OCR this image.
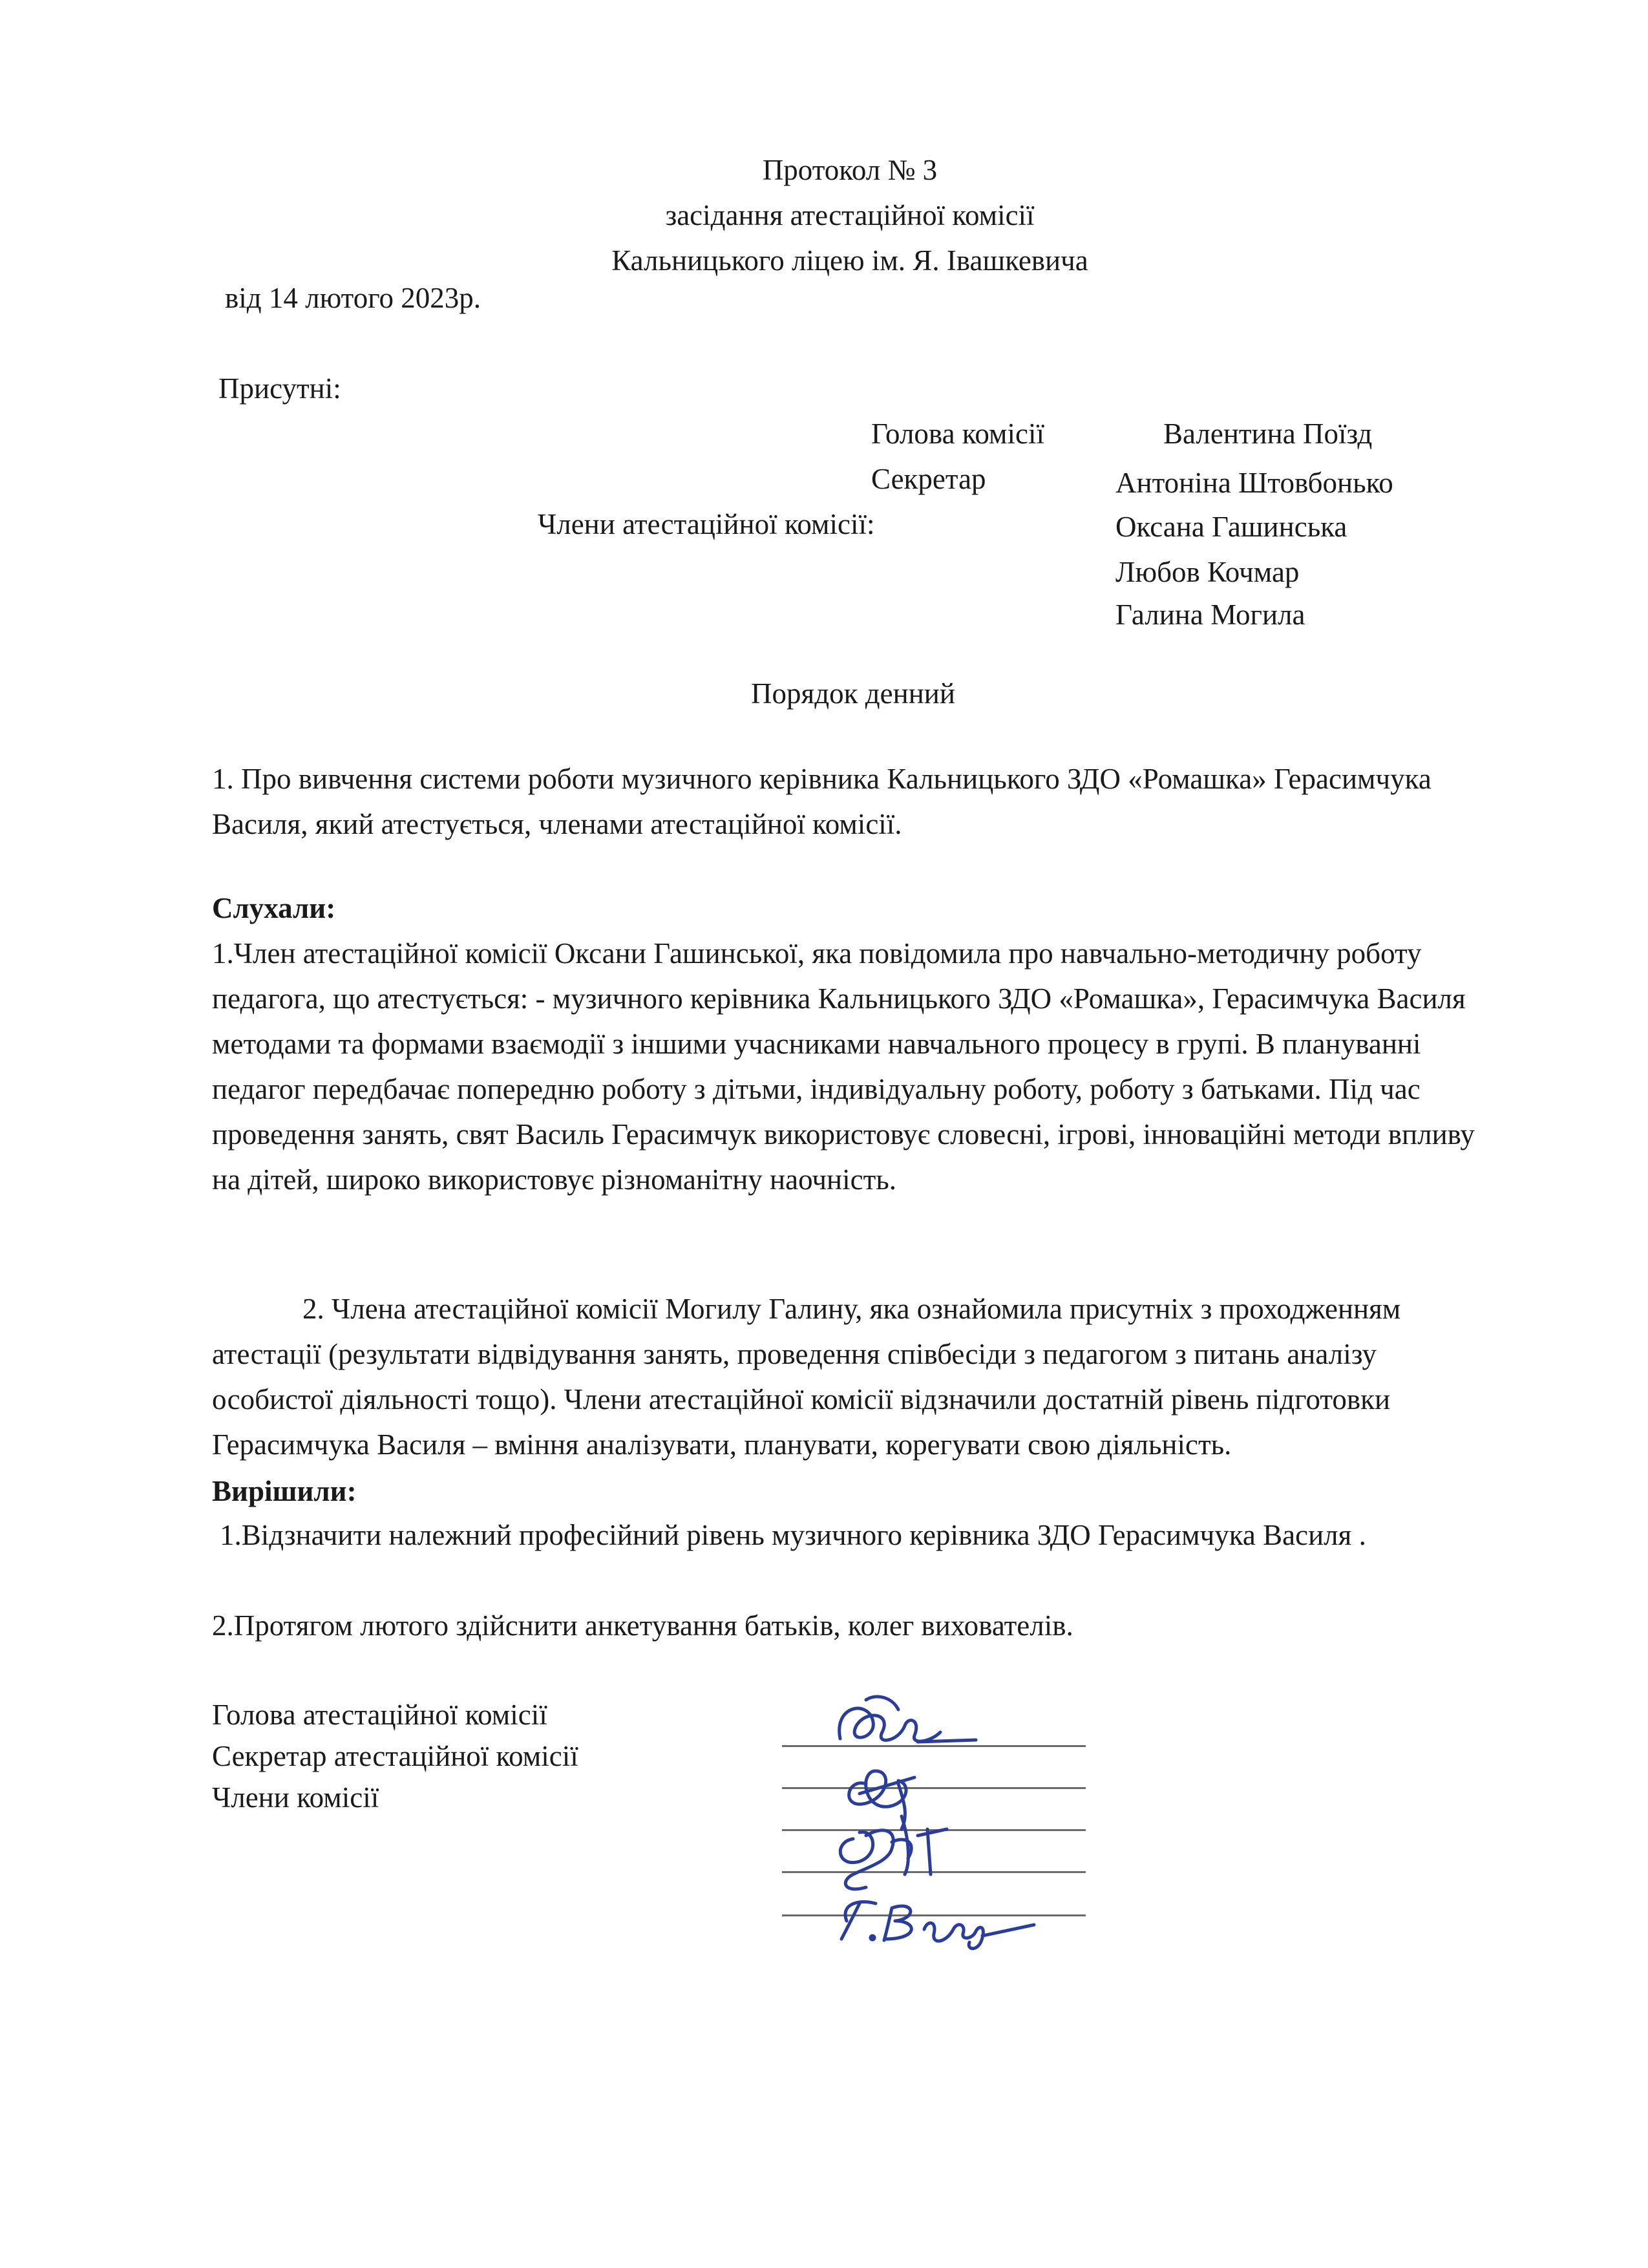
Протокол № 3
засідання атестаційної комісії
Кальницького ліцею ім. Я. Івашкевича
від 14 лютого 2023р.
Присутні:
Голова комісії	Валентина Поїзд
Секретар	Антоніна Штовбонько
Члени атестаційної комісії:	Оксана Гашинська
Любов Кочмар
Галина Могила
Порядок денний
1. Про вивчення системи роботи музичного керівника Кальницького ЗДО «Ромашка» Герасимчука Василя, який атестується, членами атестаційної комісії.
Слухали:
1.Член атестаційної комісії Оксани Гашинської, яка повідомила про навчально-методичну роботу педагога, що атестується: - музичного керівника Кальницького ЗДО «Ромашка», Герасимчука Василя методами та формами взаємодії з іншими учасниками навчального процесу в групі. В плануванні педагог передбачає попередню роботу з дітьми, індивідуальну роботу, роботу з батьками. Під час проведення занять, свят Василь Герасимчук використовує словесні, ігрові, інноваційні методи впливу на дітей, широко використовує різноманітну наочність.
2. Члена атестаційної комісії Могилу Галину, яка ознайомила присутніх з проходженням атестації (результати відвідування занять, проведення співбесіди з педагогом з питань аналізу особистої діяльності тощо). Члени атестаційної комісії відзначили достатній рівень підготовки Герасимчука Василя – вміння аналізувати, планувати, корегувати свою діяльність.
Вирішили:
1.Відзначити належний професійний рівень музичного керівника ЗДО Герасимчука Василя .
2.Протягом лютого здійснити анкетування батьків, колег вихователів.
Голова атестаційної комісії
Секретар атестаційної комісії
Члени комісії
